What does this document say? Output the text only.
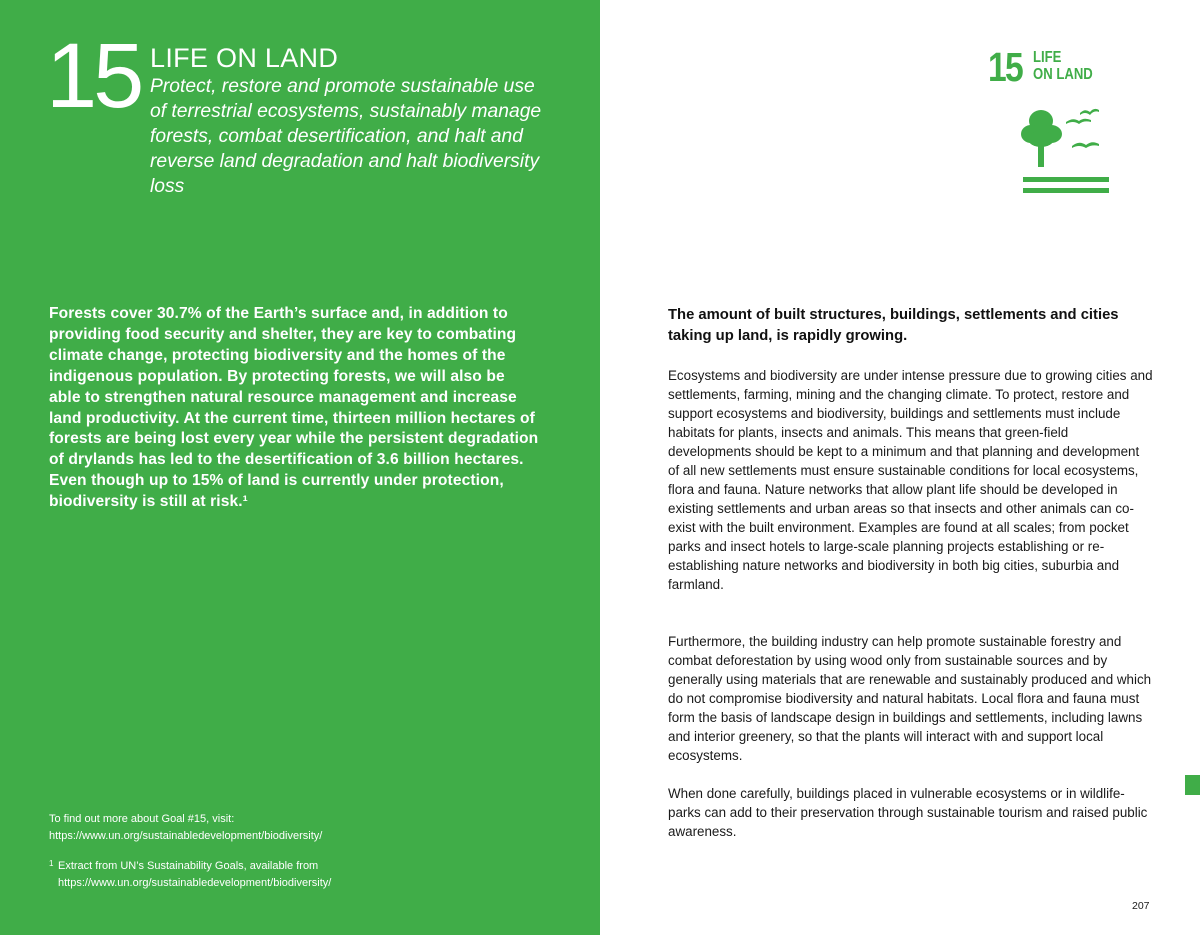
15 LIFE ON LAND
Protect, restore and promote sustainable use of terrestrial ecosystems, sustainably manage forests, combat desertification, and halt and reverse land degradation and halt biodiversity loss

Forests cover 30.7% of the Earth’s surface and, in addition to providing food security and shelter, they are key to combating climate change, protecting biodiversity and the homes of the indigenous population. By protecting forests, we will also be able to strengthen natural resource management and increase land productivity. At the current time, thirteen million hectares of forests are being lost every year while the persistent degradation of drylands has led to the desertification of 3.6 billion hectares. Even though up to 15% of land is currently under protection, biodiversity is still at risk.¹

To find out more about Goal #15, visit:
https://www.un.org/sustainabledevelopment/biodiversity/
1 Extract from UN’s Sustainability Goals, available from
https://www.un.org/sustainabledevelopment/biodiversity/
15 LIFE
ON LAND

The amount of built structures, buildings, settlements and cities taking up land, is rapidly growing.

Ecosystems and biodiversity are under intense pressure due to growing cities and settlements, farming, mining and the changing climate. To protect, restore and support ecosystems and biodiversity, buildings and settlements must include habitats for plants, insects and animals. This means that green-field developments should be kept to a minimum and that planning and development of all new settlements must ensure sustainable conditions for local ecosystems, flora and fauna. Nature networks that allow plant life should be developed in existing settlements and urban areas so that insects and other animals can co-exist with the built environment. Examples are found at all scales; from pocket parks and insect hotels to large-scale planning projects establishing or re-establishing nature networks and biodiversity in both big cities, suburbia and farmland.

Furthermore, the building industry can help promote sustainable forestry and combat deforestation by using wood only from sustainable sources and by generally using materials that are renewable and sustainably produced and which do not compromise biodiversity and natural habitats. Local flora and fauna must form the basis of landscape design in buildings and settlements, including lawns and interior greenery, so that the plants will interact with and support local ecosystems.

When done carefully, buildings placed in vulnerable ecosystems or in wildlife-parks can add to their preservation through sustainable tourism and raised public awareness.

207
